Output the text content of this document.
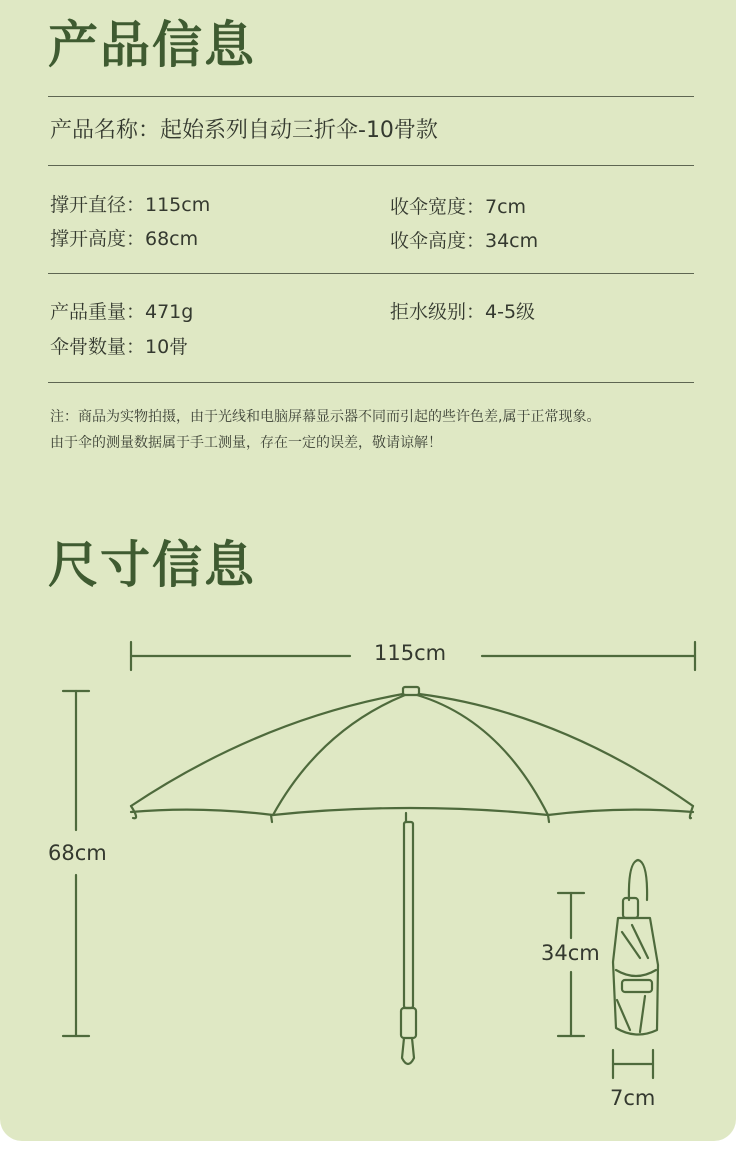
产品信息
产品名称：起始系列自动三折伞-10骨款
撑开直径：115cm	收伞宽度：7cm
撑开高度：68cm	收伞高度：34cm
产品重量：471g	拒水级别：4-5级
伞骨数量：10骨
注：商品为实物拍摄，由于光线和电脑屏幕显示器不同而引起的些许色差,属于正常现象。
由于伞的测量数据属于手工测量，存在一定的误差，敬请谅解！
尺寸信息
115cm
68cm
34cm
7cm
